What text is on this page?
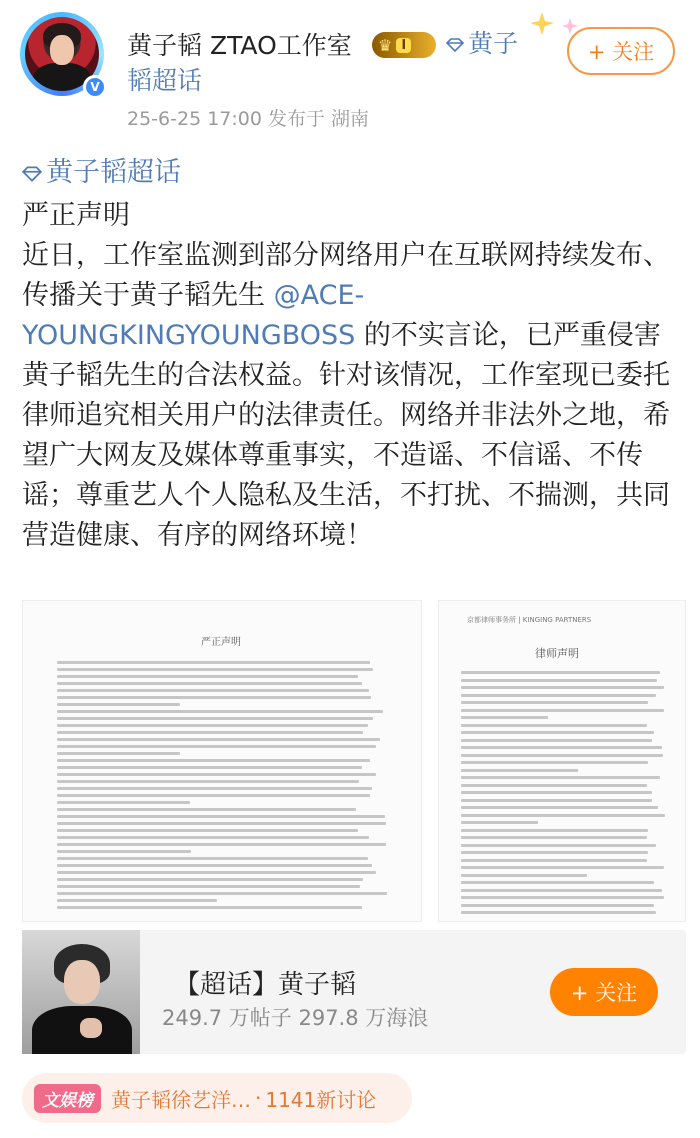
V
黄子韬 ZTAO工作室 ♛ I	黄子
韬超话
25-6-25 17:00 发布于 湖南
+ 关注
黄子韬超话
严正声明
近日，工作室监测到部分网络用户在互联网持续发布、传播关于黄子韬先生 @ACE-YOUNGKINGYOUNGBOSS 的不实言论，已严重侵害黄子韬先生的合法权益。针对该情况，工作室现已委托律师追究相关用户的法律责任。网络并非法外之地，希望广大网友及媒体尊重事实，不造谣、不信谣、不传谣；尊重艺人个人隐私及生活，不打扰、不揣测，共同营造健康、有序的网络环境！
严正声明
京都律师事务所 | KINGING PARTNERS
律师声明
【超话】黄子韬
249.7 万帖子 297.8 万海浪
+ 关注
文娱榜 黄子韬徐艺洋… · 1141新讨论
